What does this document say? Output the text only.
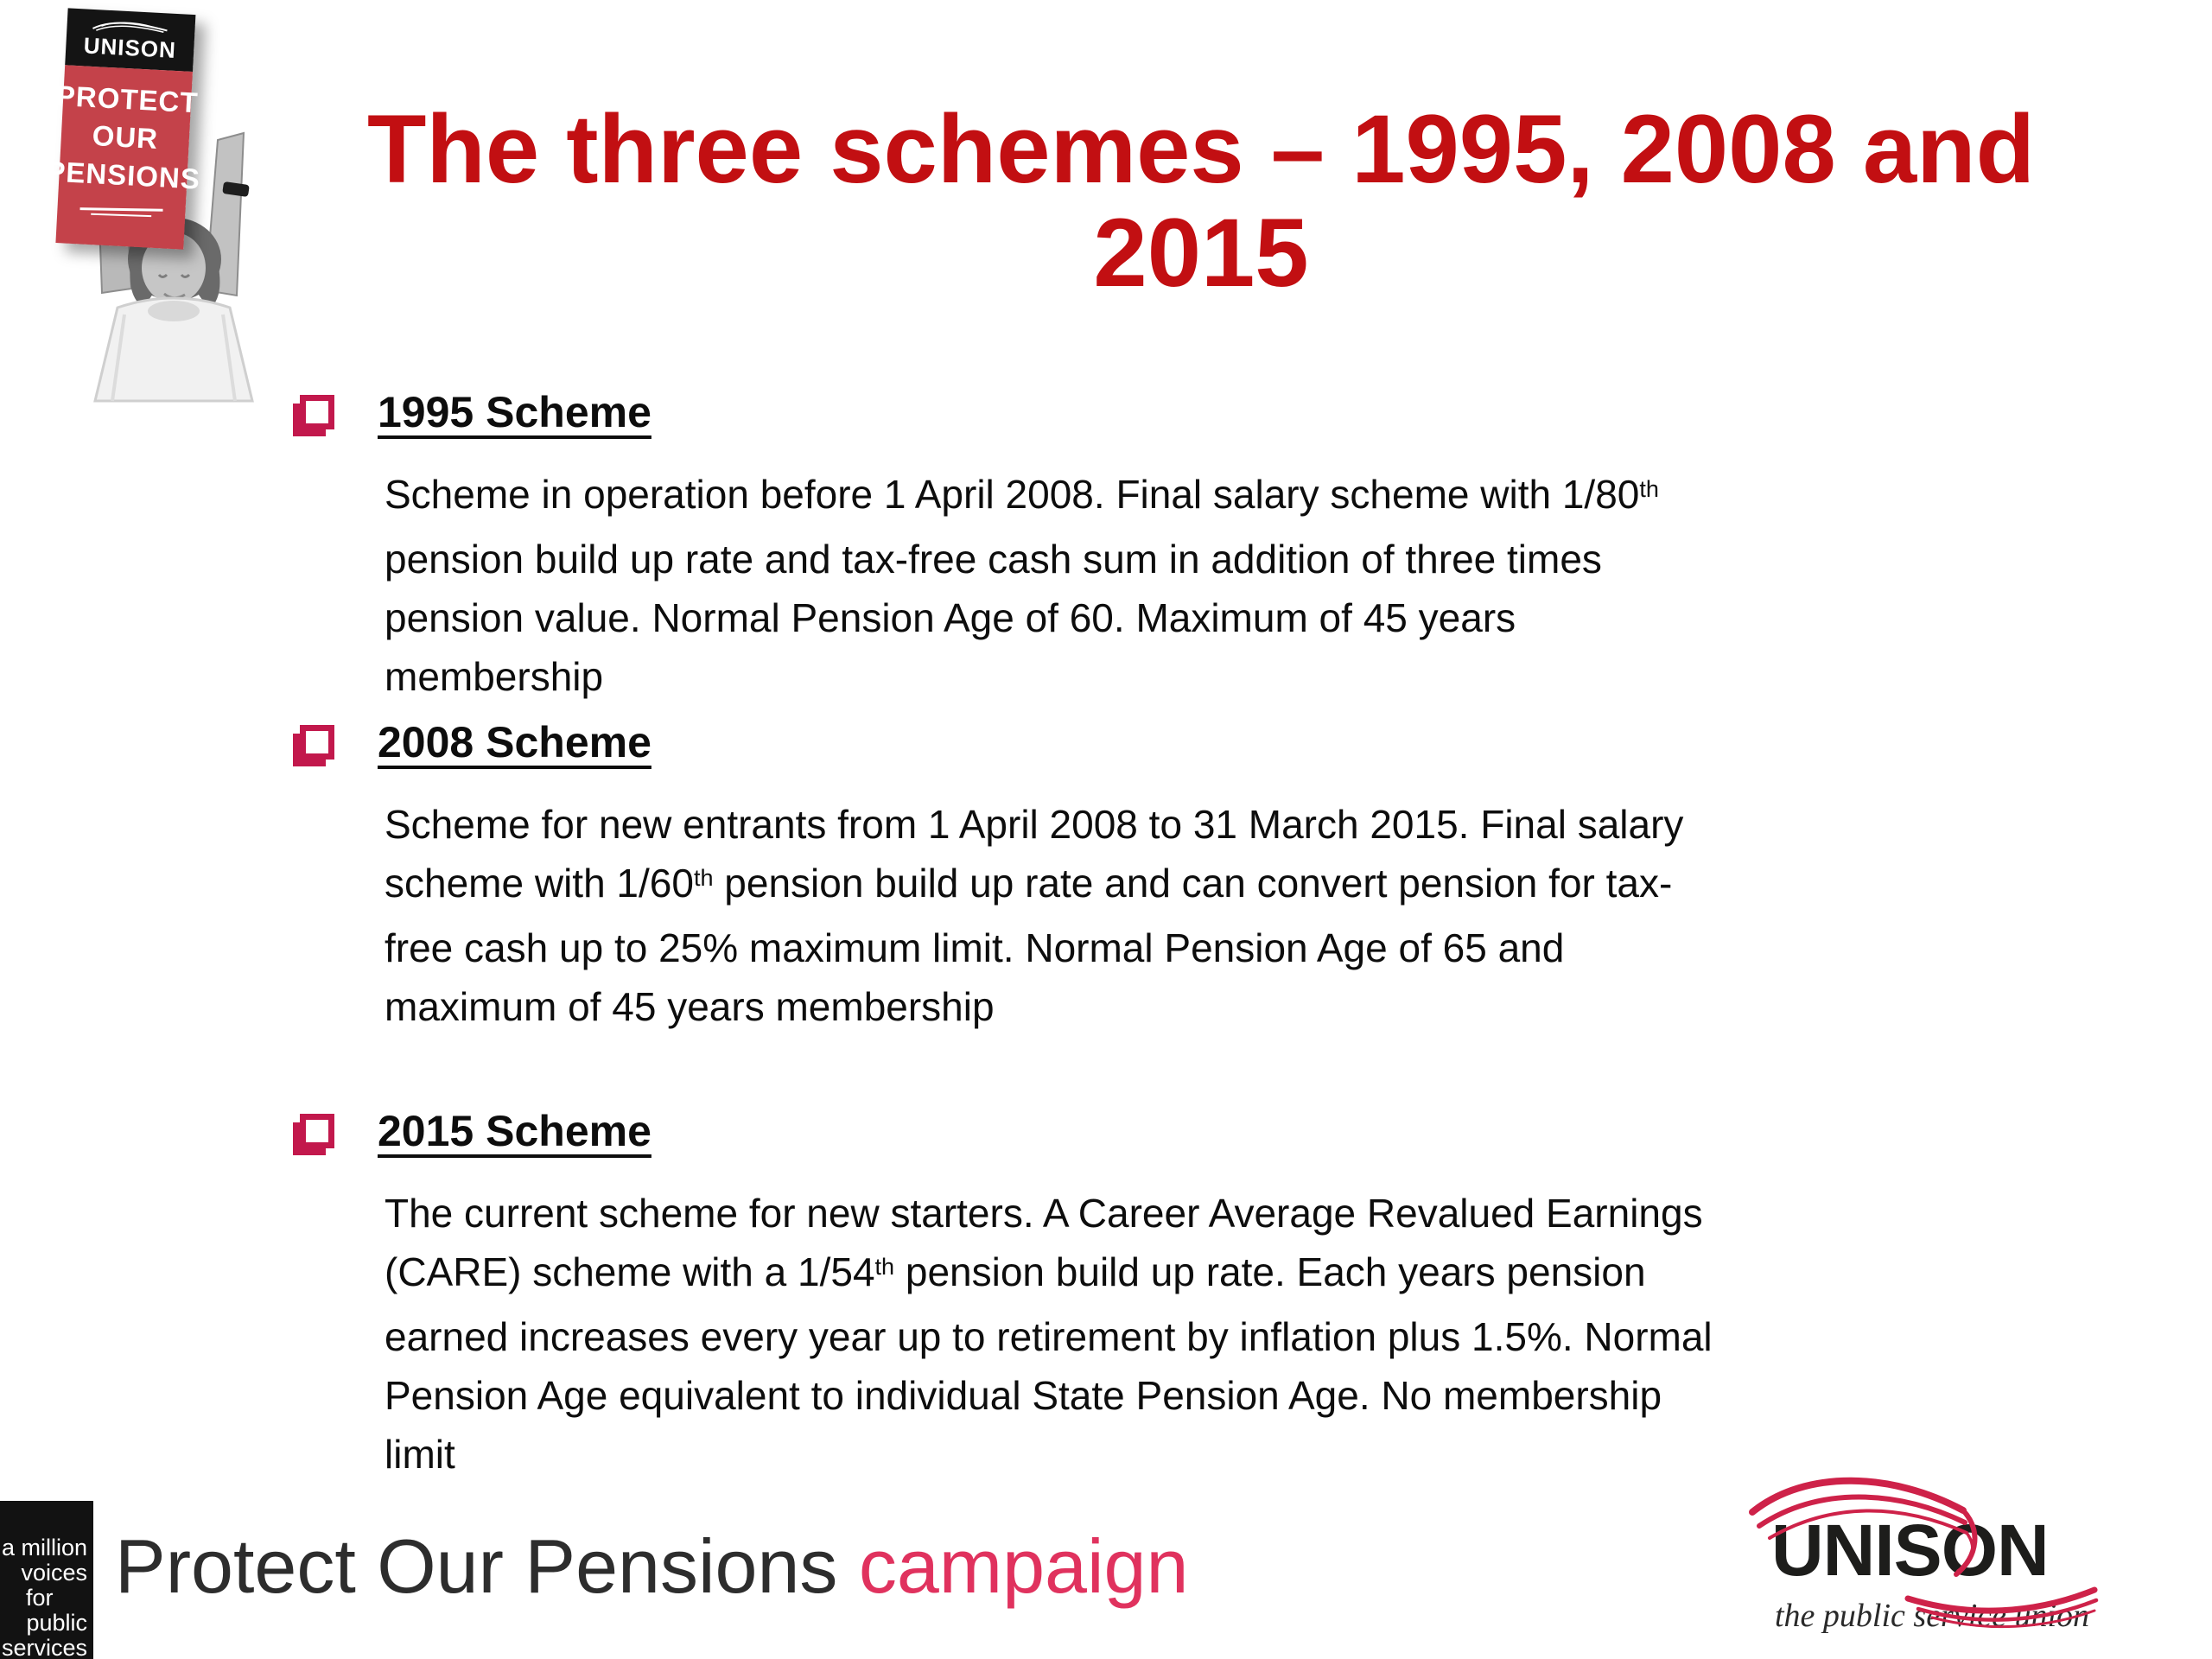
UNISON
PROTECT
OUR
PENSIONS	The three schemes – 1995, 2008 and 2015
1995 Scheme

Scheme in operation before 1 April 2008. Final salary scheme with 1/80th pension build up rate and tax-free cash sum in addition of three times pension value. Normal Pension Age of 60. Maximum of 45 years membership

2008 Scheme

Scheme for new entrants from 1 April 2008 to 31 March 2015. Final salary scheme with 1/60th pension build up rate and can convert pension for tax-free cash up to 25% maximum limit. Normal Pension Age of 65 and maximum of 45 years membership

2015 Scheme

The current scheme for new starters. A Career Average Revalued Earnings (CARE) scheme with a 1/54th pension build up rate. Each years pension earned increases every year up to retirement by inflation plus 1.5%. Normal Pension Age equivalent to individual State Pension Age. No membership limit

a million
voices
for
public
services
Protect Our Pensions campaign	UNISON
the public service union
